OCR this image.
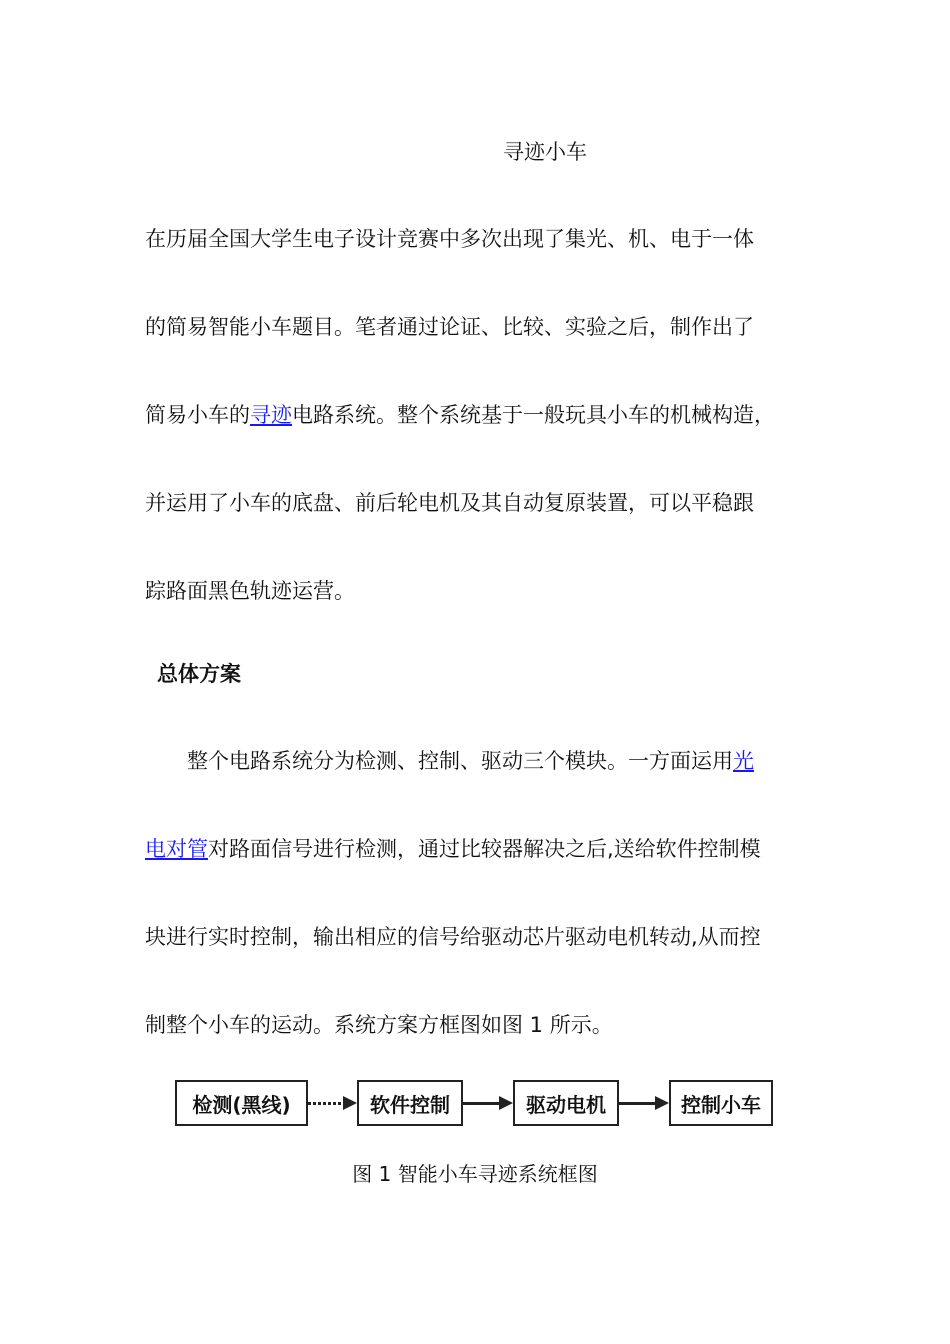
寻迹小车
在历届全国大学生电子设计竞赛中多次出现了集光、机、电于一体
的简易智能小车题目。笔者通过论证、比较、实验之后，制作出了
简易小车的寻迹电路系统。整个系统基于一般玩具小车的机械构造，
并运用了小车的底盘、前后轮电机及其自动复原装置，可以平稳跟
踪路面黑色轨迹运营。
总体方案
整个电路系统分为检测、控制、驱动三个模块。一方面运用光
电对管对路面信号进行检测，通过比较器解决之后,送给软件控制模
块进行实时控制，输出相应的信号给驱动芯片驱动电机转动,从而控
制整个小车的运动。系统方案方框图如图 1 所示。
检测(黑线)	软件控制	驱动电机	控制小车
图 1 智能小车寻迹系统框图
